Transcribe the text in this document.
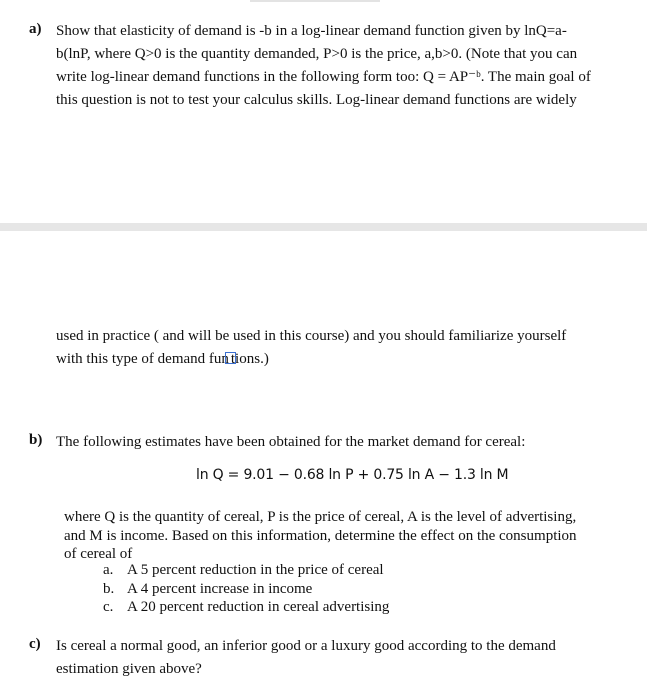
a) Show that elasticity of demand is -b in a log-linear demand function given by lnQ=a-
b(lnP, where Q>0 is the quantity demanded, P>0 is the price, a,b>0. (Note that you can
write log-linear demand functions in the following form too: Q = AP⁻ᵇ. The main goal of
this question is not to test your calculus skills. Log-linear demand functions are widely
used in practice ( and will be used in this course) and you should familiarize yourself
with this type of demand fun tions.)
b) The following estimates have been obtained for the market demand for cereal:
ln Q = 9.01 − 0.68 ln P + 0.75 ln A − 1.3 ln M
where Q is the quantity of cereal, P is the price of cereal, A is the level of advertising,
and M is income. Based on this information, determine the effect on the consumption
of cereal of
a. A 5 percent reduction in the price of cereal
b. A 4 percent increase in income
c. A 20 percent reduction in cereal advertising
c) Is cereal a normal good, an inferior good or a luxury good according to the demand
estimation given above?
